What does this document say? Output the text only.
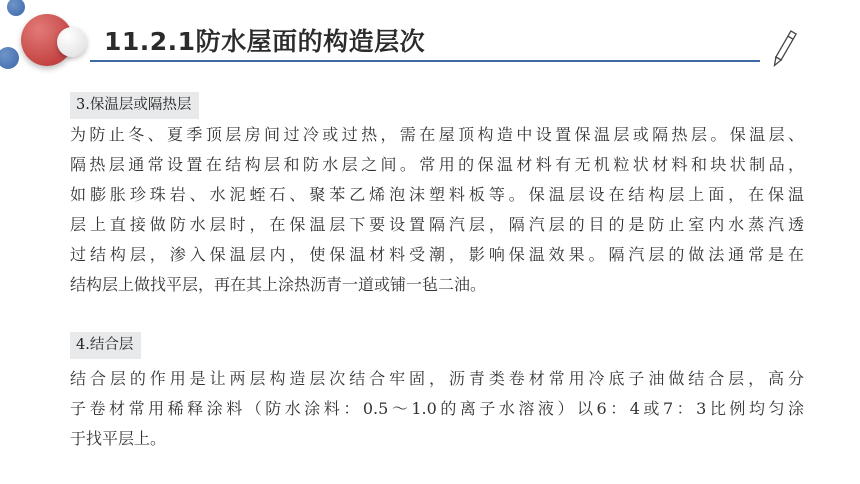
11.2.1防水屋面的构造层次
3.保温层或隔热层
为防止冬、夏季顶层房间过冷或过热，需在屋顶构造中设置保温层或隔热层。保温层、
隔热层通常设置在结构层和防水层之间。常用的保温材料有无机粒状材料和块状制品，
如膨胀珍珠岩、水泥蛭石、聚苯乙烯泡沫塑料板等。保温层设在结构层上面，在保温
层上直接做防水层时，在保温层下要设置隔汽层，隔汽层的目的是防止室内水蒸汽透
过结构层，渗入保温层内，使保温材料受潮，影响保温效果。隔汽层的做法通常是在
结构层上做找平层，再在其上涂热沥青一道或铺一毡二油。
4.结合层
结合层的作用是让两层构造层次结合牢固，沥青类卷材常用冷底子油做结合层，高分
子卷材常用稀释涂料（防水涂料：0.5～1.0的离子水溶液）以6：4或7：3比例均匀涂
于找平层上。
